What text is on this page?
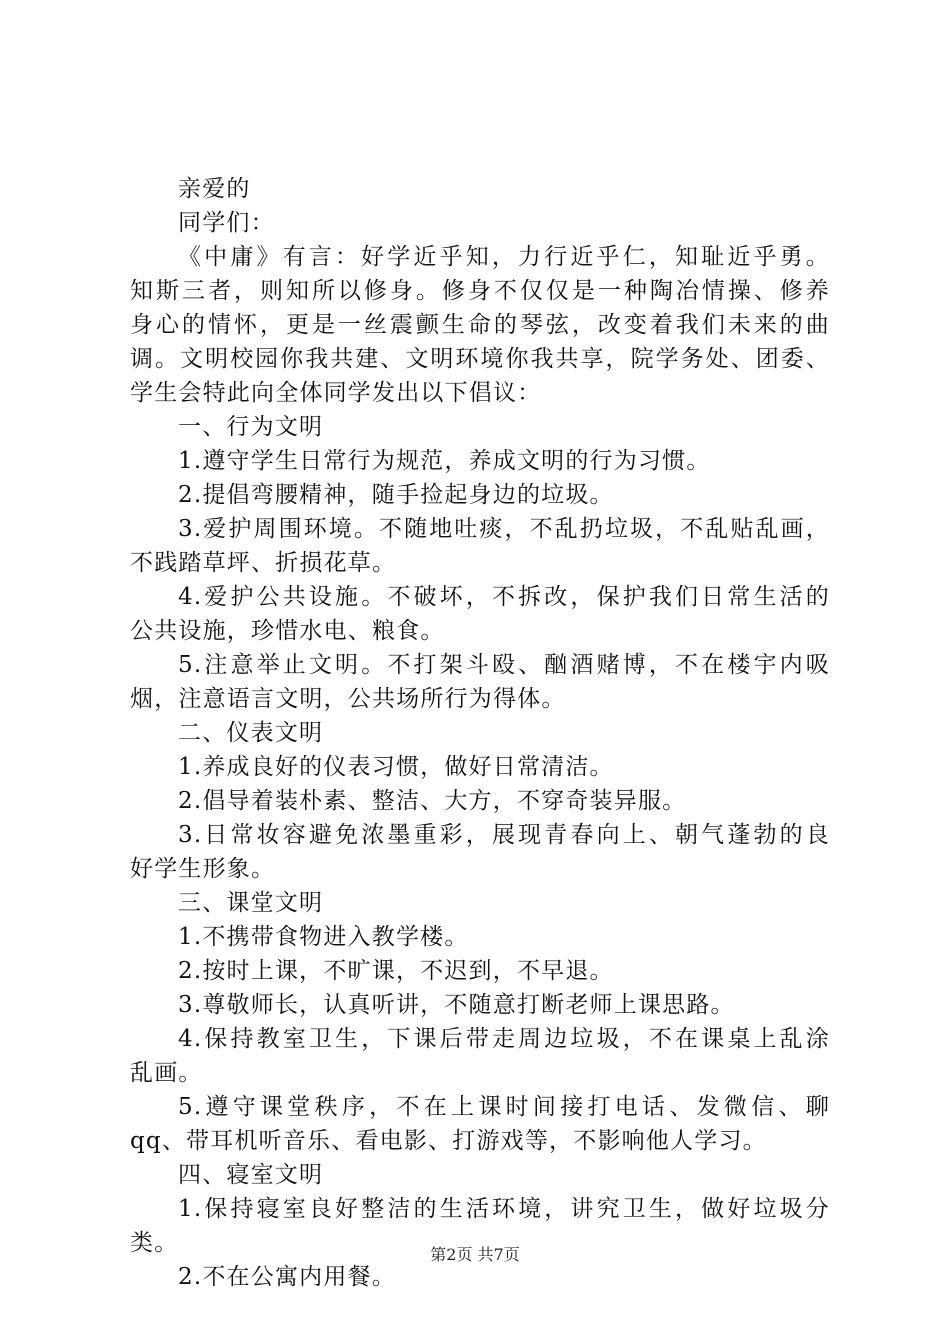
亲爱的
同学们：
《中庸》有言：好学近乎知，力行近乎仁，知耻近乎勇。
知斯三者，则知所以修身。修身不仅仅是一种陶冶情操、修养
身心的情怀，更是一丝震颤生命的琴弦，改变着我们未来的曲
调。文明校园你我共建、文明环境你我共享，院学务处、团委、
学生会特此向全体同学发出以下倡议：
一、行为文明
1.遵守学生日常行为规范，养成文明的行为习惯。
2.提倡弯腰精神，随手捡起身边的垃圾。
3.爱护周围环境。不随地吐痰，不乱扔垃圾，不乱贴乱画，
不践踏草坪、折损花草。
4.爱护公共设施。不破坏，不拆改，保护我们日常生活的
公共设施，珍惜水电、粮食。
5.注意举止文明。不打架斗殴、酗酒赌博，不在楼宇内吸
烟，注意语言文明，公共场所行为得体。
二、仪表文明
1.养成良好的仪表习惯，做好日常清洁。
2.倡导着装朴素、整洁、大方，不穿奇装异服。
3.日常妆容避免浓墨重彩，展现青春向上、朝气蓬勃的良
好学生形象。
三、课堂文明
1.不携带食物进入教学楼。
2.按时上课，不旷课，不迟到，不早退。
3.尊敬师长，认真听讲，不随意打断老师上课思路。
4.保持教室卫生，下课后带走周边垃圾，不在课桌上乱涂
乱画。
5.遵守课堂秩序，不在上课时间接打电话、发微信、聊
qq、带耳机听音乐、看电影、打游戏等，不影响他人学习。
四、寝室文明
1.保持寝室良好整洁的生活环境，讲究卫生，做好垃圾分
类。
2.不在公寓内用餐。
第2页 共7页
